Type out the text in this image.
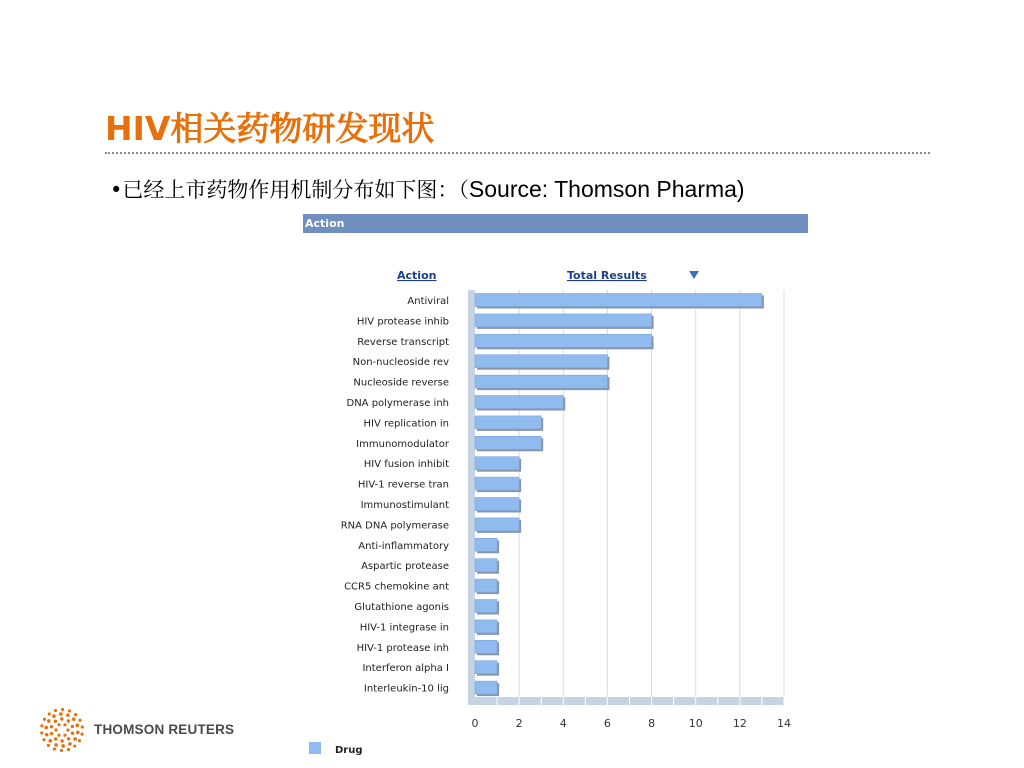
HIV相关药物研发现状
•已经上市药物作用机制分布如下图：（Source: Thomson Pharma)
Action
Action	Total Results
Antiviral
HIV protease inhib
Reverse transcript
Non-nucleoside rev
Nucleoside reverse
DNA polymerase inh
HIV replication in
Immunomodulator
HIV fusion inhibit
HIV-1 reverse tran
Immunostimulant
RNA DNA polymerase
Anti-inflammatory
Aspartic protease
CCR5 chemokine ant
Glutathione agonis
HIV-1 integrase in
HIV-1 protease inh
Interferon alpha I
Interleukin-10 lig
0	2	4	6	8	10	12	14
Drug
THOMSON REUTERS
